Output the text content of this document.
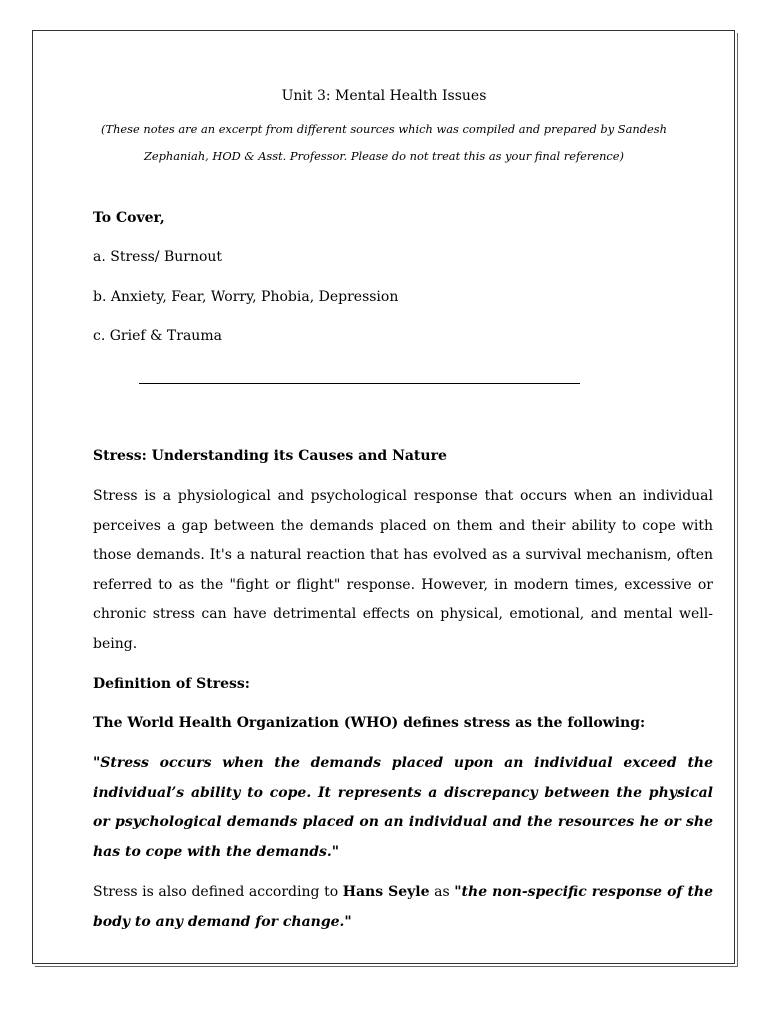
Unit 3: Mental Health Issues
(These notes are an excerpt from different sources which was compiled and prepared by Sandesh
Zephaniah, HOD & Asst. Professor. Please do not treat this as your final reference)
To Cover,
a. Stress/ Burnout
b. Anxiety, Fear, Worry, Phobia, Depression
c. Grief & Trauma
Stress: Understanding its Causes and Nature
Stress is a physiological and psychological response that occurs when an individual perceives a gap between the demands placed on them and their ability to cope with those demands. It's a natural reaction that has evolved as a survival mechanism, often referred to as the "fight or flight" response. However, in modern times, excessive or chronic stress can have detrimental effects on physical, emotional, and mental well-being.
Definition of Stress:
The World Health Organization (WHO) defines stress as the following:
"Stress occurs when the demands placed upon an individual exceed the individual’s ability to cope. It represents a discrepancy between the physical or psychological demands placed on an individual and the resources he or she has to cope with the demands."
Stress is also defined according to Hans Seyle as "the non-specific response of the body to any demand for change."
